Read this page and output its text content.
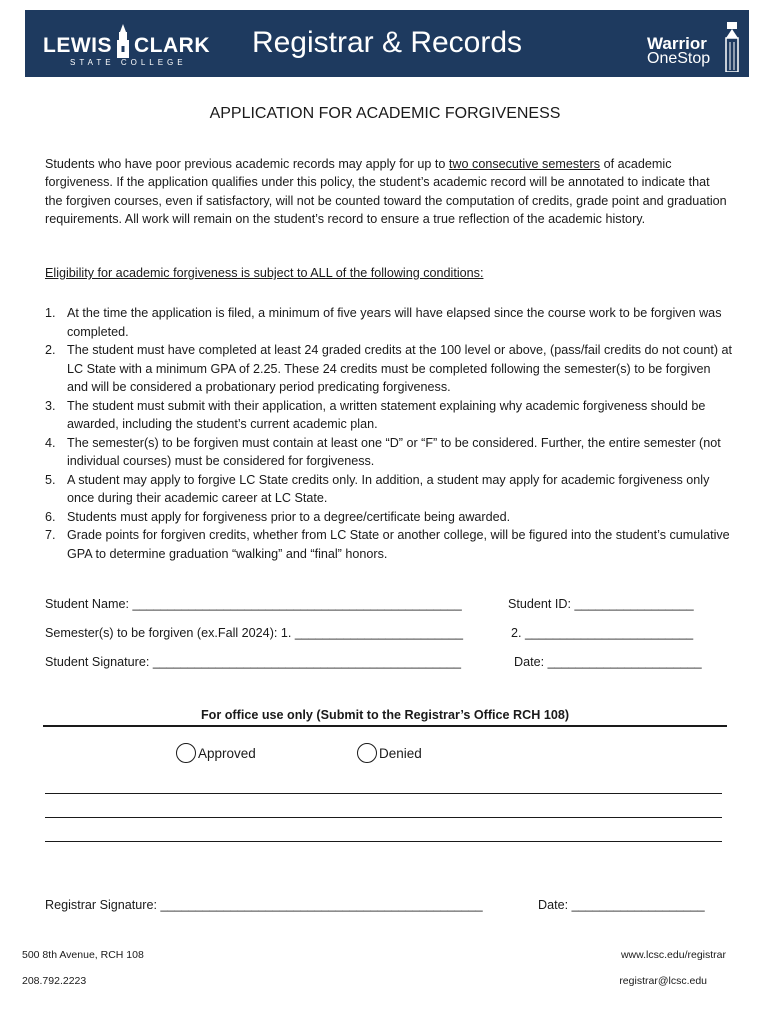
LEWIS CLARK
STATE COLLEGE
Registrar & Records	Warrior
OneStop
APPLICATION FOR ACADEMIC FORGIVENESS
Students who have poor previous academic records may apply for up to two consecutive semesters of academic forgiveness. If the application qualifies under this policy, the student’s academic record will be annotated to indicate that the forgiven courses, even if satisfactory, will not be counted toward the computation of credits, grade point and graduation requirements. All work will remain on the student’s record to ensure a true reflection of the academic history.
Eligibility for academic forgiveness is subject to ALL of the following conditions:
1. At the time the application is filed, a minimum of five years will have elapsed since the course work to be forgiven was completed.
2. The student must have completed at least 24 graded credits at the 100 level or above, (pass/fail credits do not count) at LC State with a minimum GPA of 2.25. These 24 credits must be completed following the semester(s) to be forgiven and will be considered a probationary period predicating forgiveness.
3. The student must submit with their application, a written statement explaining why academic forgiveness should be awarded, including the student’s current academic plan.
4. The semester(s) to be forgiven must contain at least one “D” or “F” to be considered. Further, the entire semester (not individual courses) must be considered for forgiveness.
5. A student may apply to forgive LC State credits only. In addition, a student may apply for academic forgiveness only once during their academic career at LC State.
6. Students must apply for forgiveness prior to a degree/certificate being awarded.
7. Grade points for forgiven credits, whether from LC State or another college, will be figured into the student’s cumulative GPA to determine graduation “walking” and “final” honors.
Student Name: _______________________________________________	Student ID: _________________
Semester(s) to be forgiven (ex.Fall 2024): 1. ________________________	2. ________________________
Student Signature: ____________________________________________	Date: ______________________
For office use only (Submit to the Registrar’s Office RCH 108)
Approved	Denied
Registrar Signature: ______________________________________________	Date: ___________________
500 8th Avenue, RCH 108
208.792.2223
www.lcsc.edu/registrar
registrar@lcsc.edu
